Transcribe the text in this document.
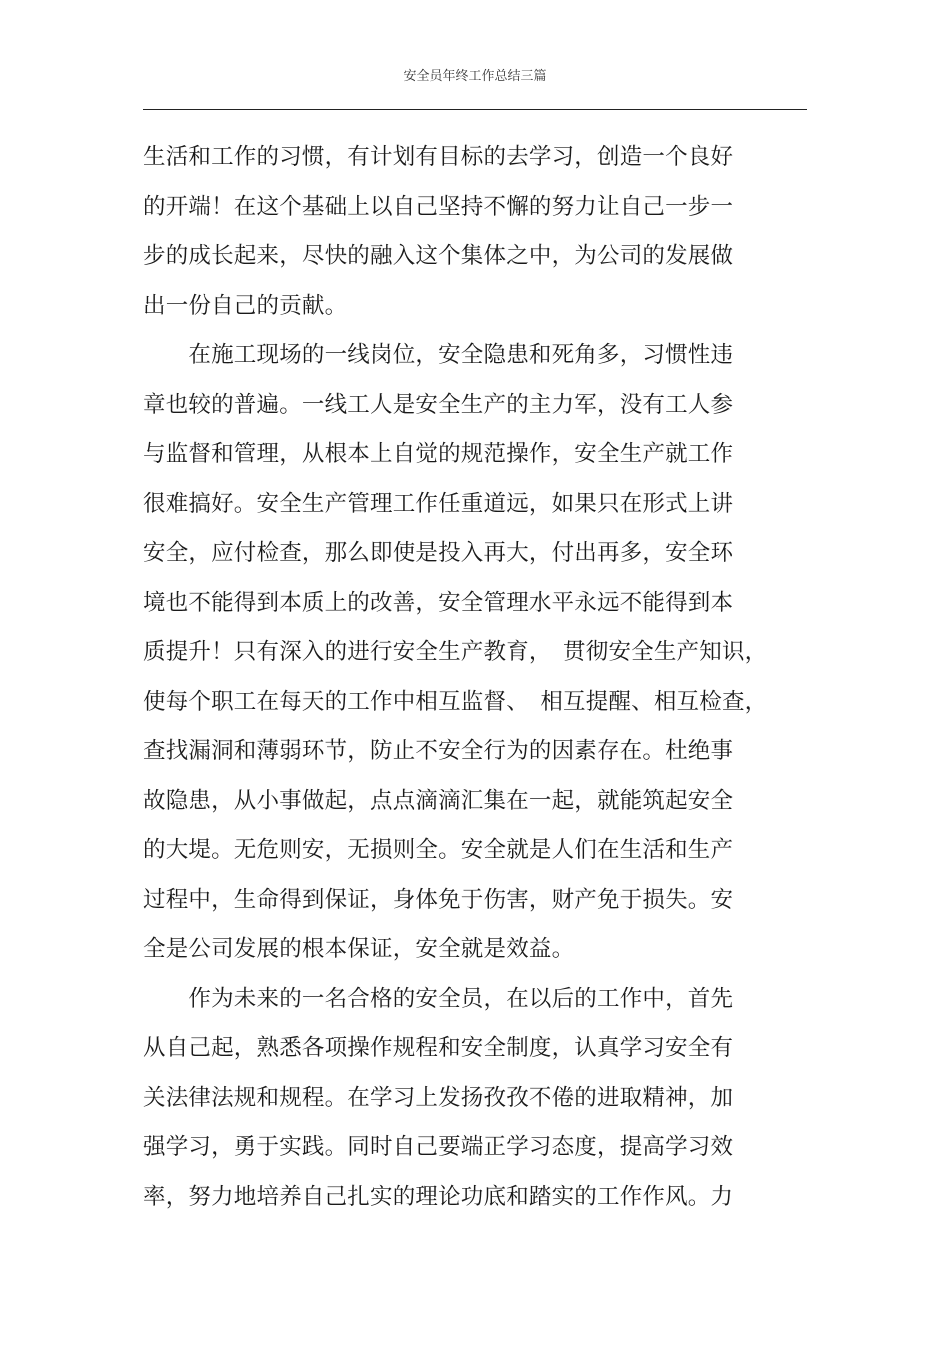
安全员年终工作总结三篇
生活和工作的习惯，有计划有目标的去学习，创造一个良好
的开端！在这个基础上以自己坚持不懈的努力让自己一步一
步的成长起来，尽快的融入这个集体之中，为公司的发展做
出一份自己的贡献。
　　在施工现场的一线岗位，安全隐患和死角多，习惯性违
章也较的普遍。一线工人是安全生产的主力军，没有工人参
与监督和管理，从根本上自觉的规范操作，安全生产就工作
很难搞好。安全生产管理工作任重道远，如果只在形式上讲
安全，应付检查，那么即使是投入再大，付出再多，安全环
境也不能得到本质上的改善，安全管理水平永远不能得到本
质提升！只有深入的进行安全生产教育，　贯彻安全生产知识，
使每个职工在每天的工作中相互监督、　相互提醒、相互检查，
查找漏洞和薄弱环节，防止不安全行为的因素存在。杜绝事
故隐患，从小事做起，点点滴滴汇集在一起，就能筑起安全
的大堤。无危则安，无损则全。安全就是人们在生活和生产
过程中，生命得到保证，身体免于伤害，财产免于损失。安
全是公司发展的根本保证，安全就是效益。
　　作为未来的一名合格的安全员，在以后的工作中，首先
从自己起，熟悉各项操作规程和安全制度，认真学习安全有
关法律法规和规程。在学习上发扬孜孜不倦的进取精神，加
强学习，勇于实践。同时自己要端正学习态度，提高学习效
率，努力地培养自己扎实的理论功底和踏实的工作作风。力
